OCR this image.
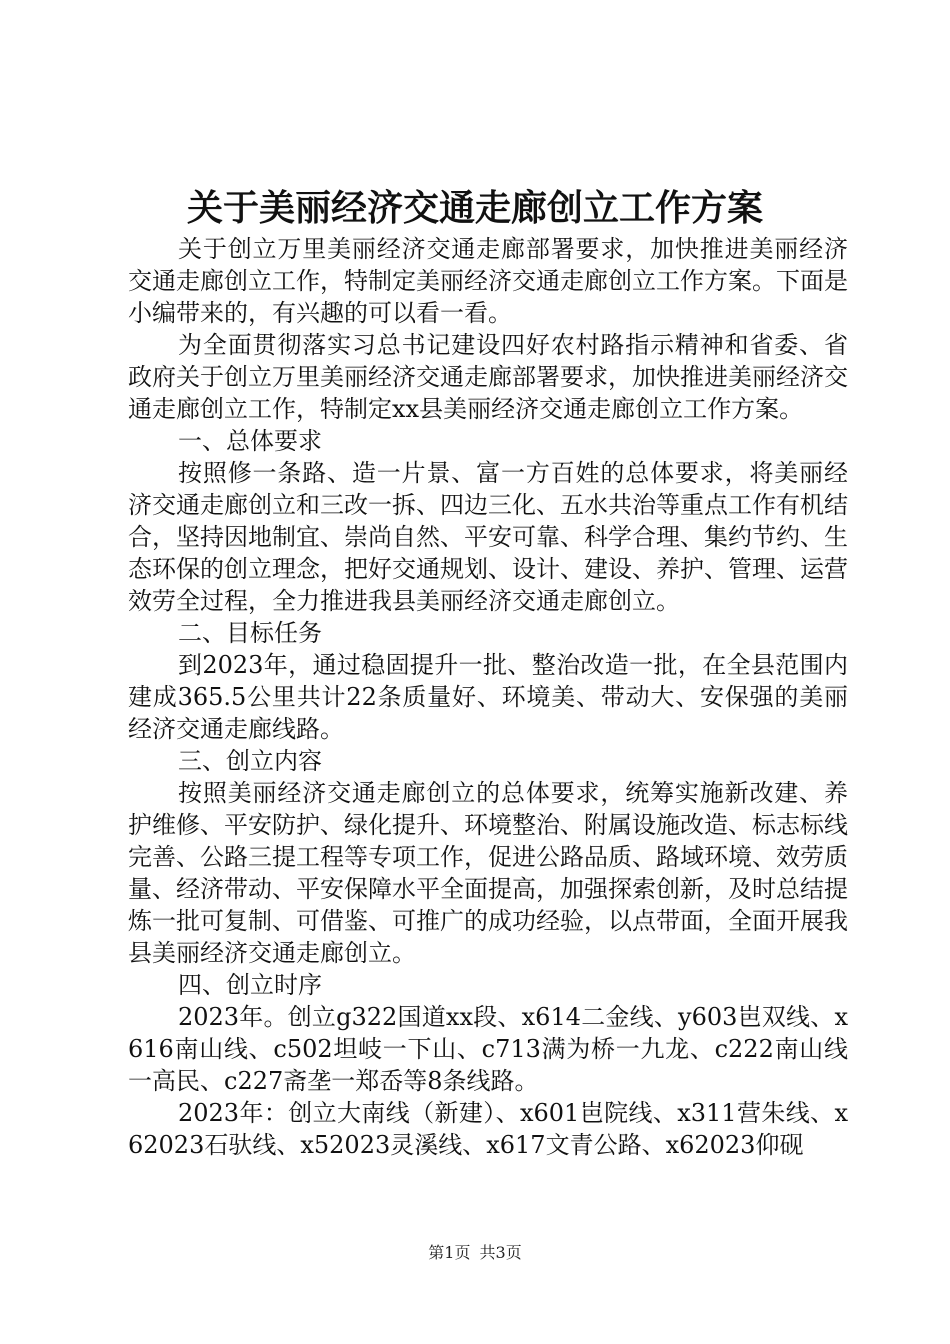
关于美丽经济交通走廊创立工作方案

关于创立万里美丽经济交通走廊部署要求，加快推进美丽经济交通走廊创立工作，特制定美丽经济交通走廊创立工作方案。下面是小编带来的，有兴趣的可以看一看。

为全面贯彻落实习总书记建设四好农村路指示精神和省委、省政府关于创立万里美丽经济交通走廊部署要求，加快推进美丽经济交通走廊创立工作，特制定xx县美丽经济交通走廊创立工作方案。

一、总体要求

按照修一条路、造一片景、富一方百姓的总体要求，将美丽经济交通走廊创立和三改一拆、四边三化、五水共治等重点工作有机结合，坚持因地制宜、崇尚自然、平安可靠、科学合理、集约节约、生态环保的创立理念，把好交通规划、设计、建设、养护、管理、运营效劳全过程，全力推进我县美丽经济交通走廊创立。

二、目标任务

到2023年，通过稳固提升一批、整治改造一批，在全县范围内建成365.5公里共计22条质量好、环境美、带动大、安保强的美丽经济交通走廊线路。

三、创立内容

按照美丽经济交通走廊创立的总体要求，统筹实施新改建、养护维修、平安防护、绿化提升、环境整治、附属设施改造、标志标线完善、公路三提工程等专项工作，促进公路品质、路域环境、效劳质量、经济带动、平安保障水平全面提高，加强探索创新，及时总结提炼一批可复制、可借鉴、可推广的成功经验，以点带面，全面开展我县美丽经济交通走廊创立。

四、创立时序

2023年。创立g322国道xx段、x614二金线、y603岜双线、x616南山线、c502坦岐一下山、c713满为桥一九龙、c222南山线一高民、c227斋垄一郑岙等8条线路。

2023年：创立大南线（新建）、x601岜院线、x311营朱线、x62023石驮线、x52023灵溪线、x617文青公路、x62023仰砚

第1页 共3页
